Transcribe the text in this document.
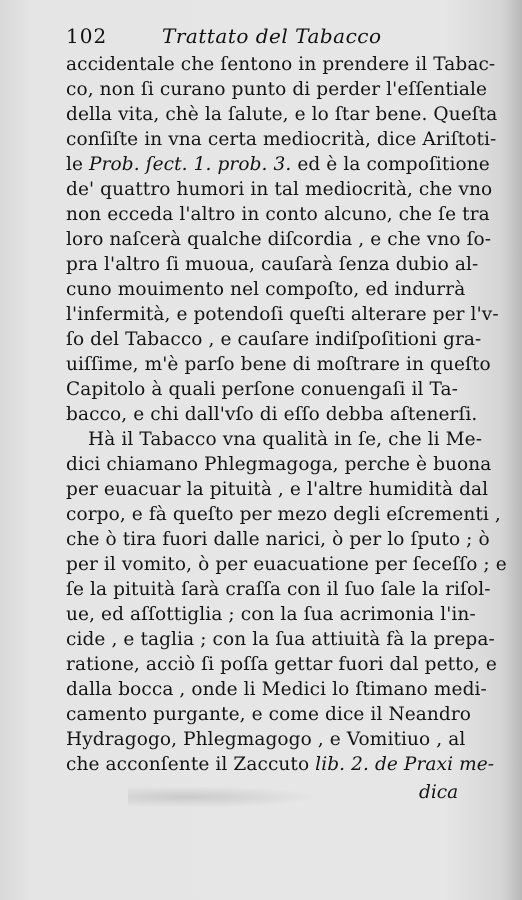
102	Trattato del Tabacco
accidentale che ſentono in prendere il Tabac-
co, non ſi curano punto di perder l'eſſentiale
della vita, chè la ſalute, e lo ſtar bene. Queſta
conſiſte in vna certa mediocrità, dice Ariſtoti-
le Prob. ſect. 1. prob. 3. ed è la compoſitione
de' quattro humori in tal mediocrità, che vno
non ecceda l'altro in conto alcuno, che ſe tra
loro naſcerà qualche diſcordia , e che vno ſo-
pra l'altro ſi muoua, cauſarà ſenza dubio al-
cuno mouimento nel compoſto, ed indurrà
l'infermità, e potendoſi queſti alterare per l'v-
ſo del Tabacco , e cauſare indiſpoſitioni gra-
uiſſime, m'è parſo bene di moſtrare in queſto
Capitolo à quali perſone conuengaſi il Ta-
bacco, e chi dall'vſo di eſſo debba aſtenerſi.
Hà il Tabacco vna qualità in ſe, che li Me-
dici chiamano Phlegmagoga, perche è buona
per euacuar la pituità , e l'altre humidità dal
corpo, e fà queſto per mezo degli eſcrementi ,
che ò tira fuori dalle narici, ò per lo ſputo ; ò
per il vomito, ò per euacuatione per ſeceſſo ; e
ſe la pituità ſarà craſſa con il ſuo ſale la riſol-
ue, ed aſſottiglia ; con la ſua acrimonia l'in-
cide , e taglia ; con la ſua attiuità fà la prepa-
ratione, acciò ſi poſſa gettar fuori dal petto, e
dalla bocca , onde li Medici lo ſtimano medi-
camento purgante, e come dice il Neandro
Hydragogo, Phlegmagogo , e Vomitiuo , al
che acconſente il Zaccuto lib. 2. de Praxi me-
dica
